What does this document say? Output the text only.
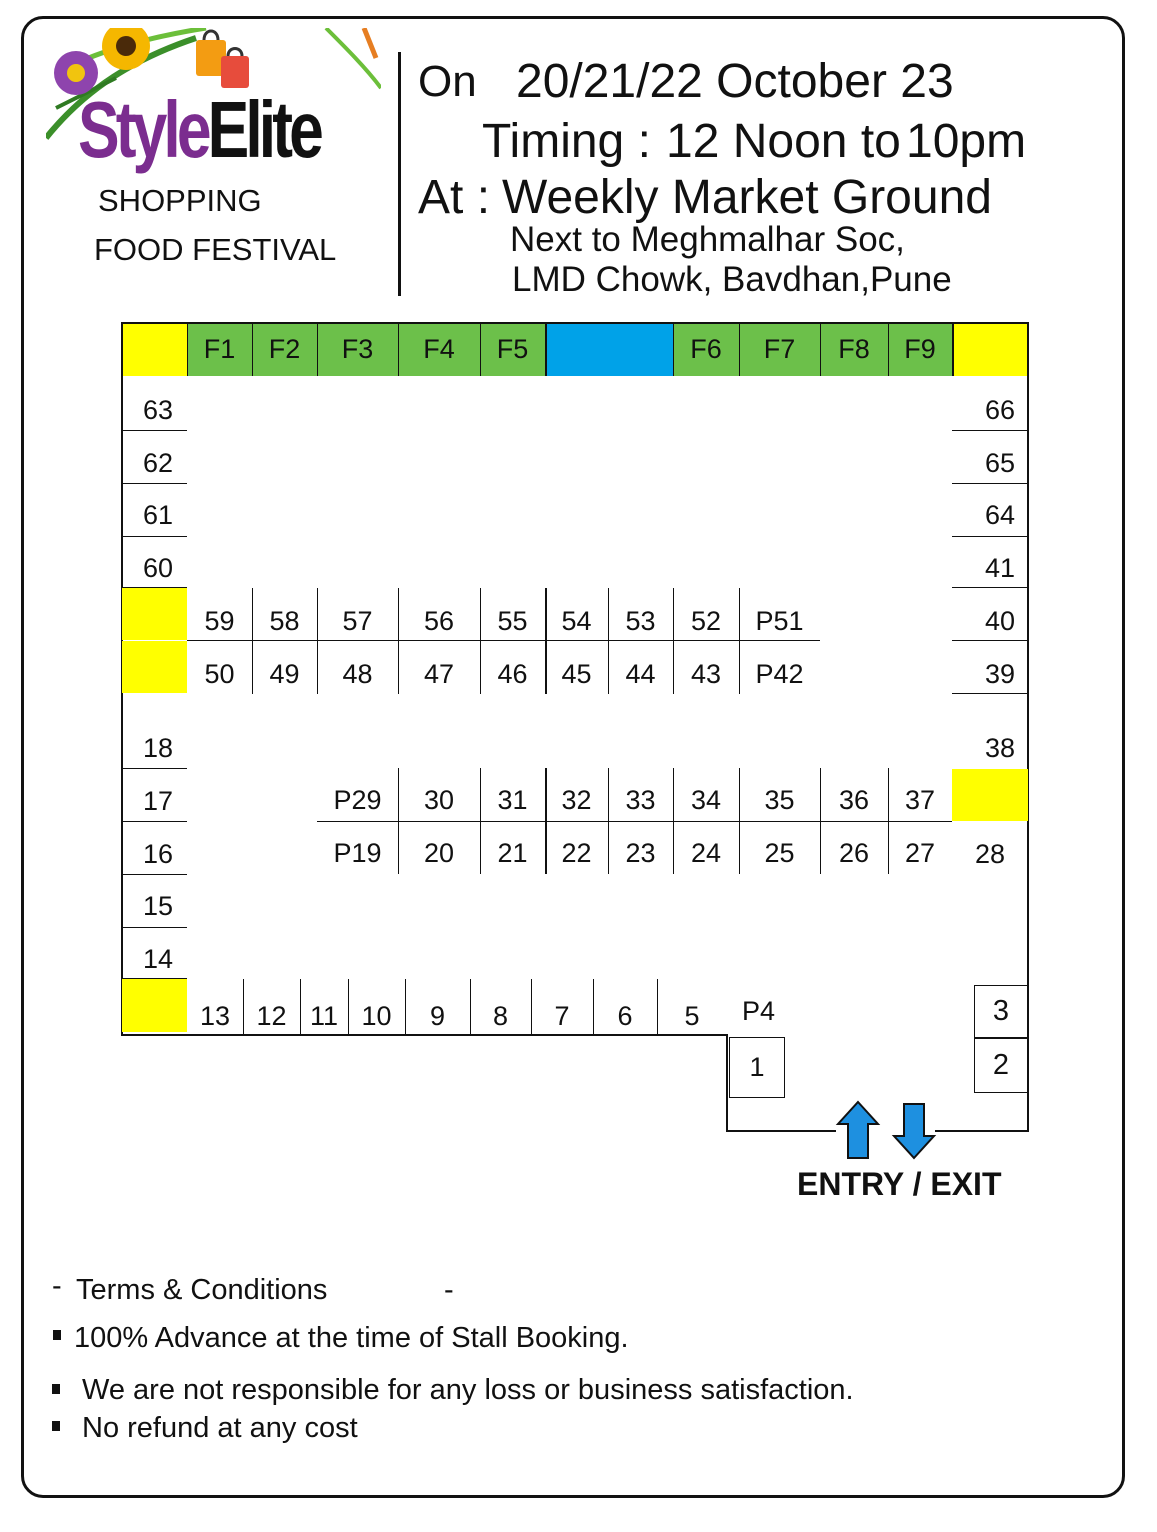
StyleElite
SHOPPING
FOOD FESTIVAL
On 20/21/22 October 23
Timing : 12 Noon to 10pm
At : Weekly Market Ground
Next to Meghmalhar Soc,
LMD Chowk, Bavdhan,Pune
F1	F2	F3	F4	F5	F6	F7	F8	F9
63
62
61
60
18
17
16
15
14
66
65
64
41
40
39
38
28
59	58	57	56	55	54	53	52	P51
50	49	48	47	46	45	44	43	P42
P29	30	31	32	33	34	35	36	37
P19	20	21	22	23	24	25	26	27
13 12 11 10	9	8	7	6	5	P4
1
3
2
ENTRY / EXIT
- Terms & Conditions	-
100% Advance at the time of Stall Booking.
We are not responsible for any loss or business satisfaction.
No refund at any cost
